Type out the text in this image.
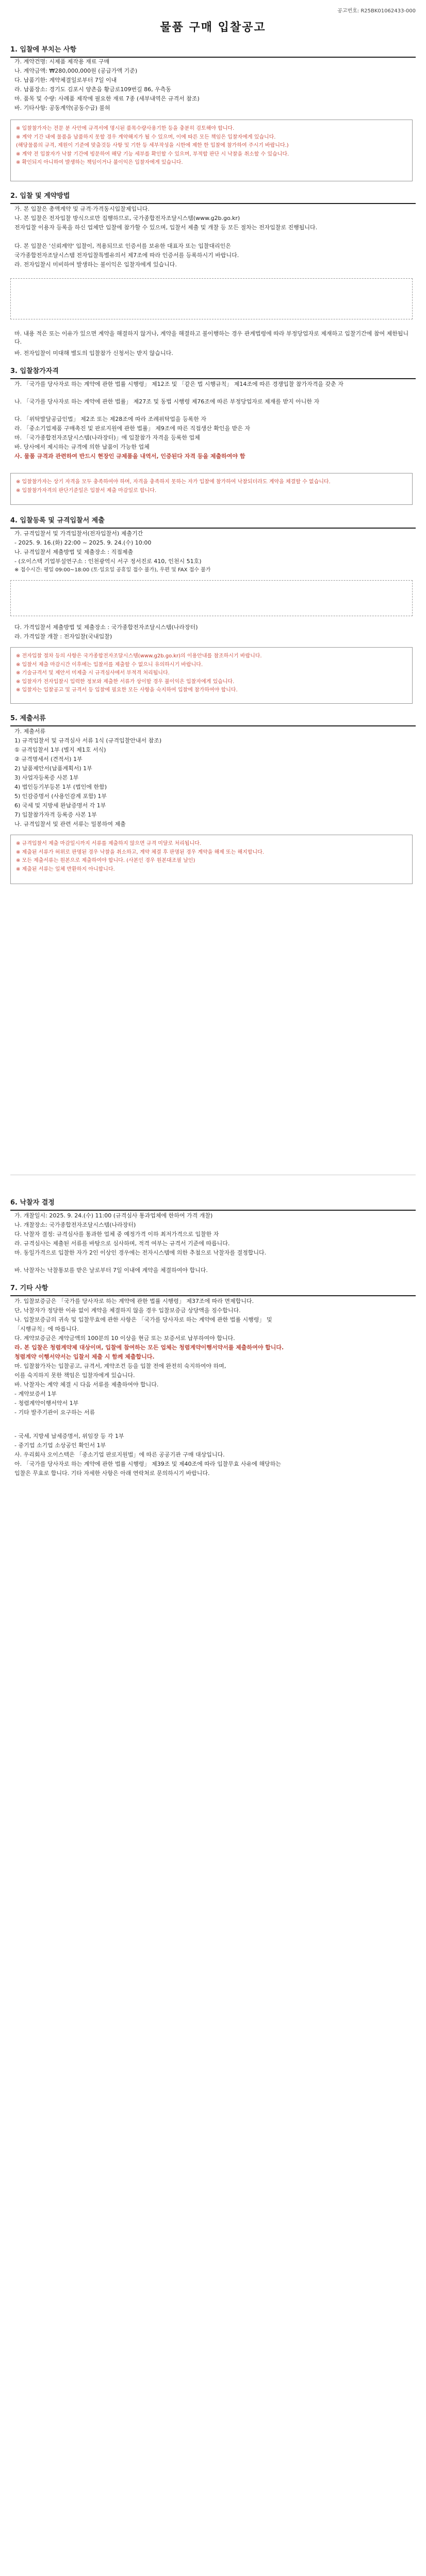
공고번호: R25BK01062433-000
물품 구매 입찰공고
1. 입찰에 부치는 사항
가. 계약건명: 시제품 제작용 재료 구매
나. 계약금액: ₩280,000,000원 (공급가액 기준)
다. 납품기한: 계약체결일로부터 7일 이내
라. 납품장소: 경기도 김포시 양촌읍 황금로109번길 86, 우측동
마. 품목 및 수량: 사례품 제작에 필요한 재료 7종 (세부내역은 규격서 참조)
바. 기타사항: 공동계약(공동수급) 불허
※ 입찰참가자는 전문 분 사안에 규격서에 명시된 품목수량사용기한 등을 충분히 검토해야 합니다.
※ 계약 기간 내에 물품을 납품하지 못할 경우 계약해지가 될 수 있으며, 이에 따른 모든 책임은 입찰자에게 있습니다.
(해당물품의 규격, 제원이 기준에 맞출것등 사항 및 기한 등 세부작성을 시한에 제한 한 입찰에 참가하여 주시기 바랍니다.)
※ 계약 전 입찰자가 낙찰 기간에 빙문하여 해당 기능 세부를 확인할 수 있으며, 부적합 판단 시 낙찰을 취소할 수 있습니다.
※ 확인되지 아니하여 발생하는 책임이거나 불이익은 입찰자에게 있습니다.
2. 입찰 및 계약방법
가. 본 입찰은 총액계약 및 규격·가격동시입찰제입니다.
나. 본 입찰은 전자입찰 방식으로만 집행하므로, 국가종합전자조달시스템(www.g2b.go.kr)
전자입찰 이용자 등록을 하신 업체만 입찰에 참가할 수 있으며, 입찰서 제출 및 개찰 등 모든 절차는 전자입찰로 진행됩니다.
다. 본 입찰은 '신뢰계약' 입찰이, 적용되므로 인증서를 보유한 대표자 또는 입찰대리인은
국가종합전자조달시스템 전자입찰특별유의서 제7조에 따라 인증서를 등록하시기 바랍니다.
라. 전자입찰시 미비하여 발생하는 불이익은 입찰자에게 있습니다.
마. 내용 적은 또는 이유가 있으면 계약을 해결하지 않거나, 계약을 해결하고 불이행하는 경우 관계법령에 따라 부정당업자로 제재하고 입찰기간에 참여 제한됩니다.
바. 전자입찰이 미대해 별도의 입찰참가 신청서는 받지 않습니다.
3. 입찰참가자격
가. 「국가를 당사자로 하는 계약에 관한 법률 시행령」 제12조 및 「같은 법 시행규칙」 제14조에 따른 경쟁입찰 참가자격을 갖춘 자
나. 「국가를 당사자로 하는 계약에 관한 법률」 제27조 및 동법 시행령 제76조에 따른 부정당업자로 제재를 받지 아니한 자
다. 「위탁발달공급인법」 제2조 또는 제28조에 따라 조례위탁업을 등록한 자
라. 「중소기업제품 구매촉진 및 판로지원에 관한 법률」 제9조에 따른 직접생산 확인을 받은 자
마. 「국가종합전자조달시스템(나라장터)」에 입찰참가 자격을 등록한 업체
바. 당사에서 제시하는 규격에 의한 납품이 가능한 업체
사. 물품 규격과 관련하여 반드시 현장인 규제품을 내역서, 인증된다 자격 등을 제출하여야 함
※ 입찰참가자는 상기 자격을 모두 충족하여야 하며, 자격을 충족하지 못하는 자가 입찰에 참가하여 낙찰되더라도 계약을 체결할 수 없습니다.
※ 입찰참가자격의 판단기준일은 입찰서 제출 마감일로 합니다.
4. 입찰등록 및 규격입찰서 제출
가. 규격입찰서 및 가격입찰서(전자입찰서) 제출기간
- 2025. 9. 16.(화) 22:00 ~ 2025. 9. 24.(수) 10:00
나. 규격입찰서 제출방법 및 제출장소 : 직접제출
- (오이스텍 기업부설연구소 : 인천광역시 서구 정서진로 410, 인천시 51호)
※ 접수시간: 평일 09:00~18:00 (토·일요일 공휴일 접수 불가), 우편 및 FAX 접수 불가
다. 가격입찰서 제출방법 및 제출장소 : 국가종합전자조달시스템(나라장터)
라. 가격입찰 개찰 : 전자입찰(국내입찰)
※ 전자입찰 절차 등의 사항은 국가종합전자조달시스템(www.g2b.go.kr)의 이용안내를 참조하시기 바랍니다.
※ 입찰서 제출 마감시간 이후에는 입찰서를 제출할 수 없으니 유의하시기 바랍니다.
※ 기술규격서 및 제안서 미제출 시 규격심사에서 부적격 처리됩니다.
※ 입찰자가 전자입찰시 입력한 정보와 제출한 서류가 상이할 경우 불이익은 입찰자에게 있습니다.
※ 입찰자는 입찰공고 및 규격서 등 입찰에 필요한 모든 사항을 숙지하여 입찰에 참가하여야 합니다.
5. 제출서류
가. 제출서류
1) 규격입찰서 및 규격심사 서류 1식 (규격입찰안내서 참조)
① 규격입찰서 1부 (별지 제1호 서식)
② 규격명세서 (견적서) 1부
2) 납품제안서(납품계획서) 1부
3) 사업자등록증 사본 1부
4) 법인등기부등본 1부 (법인에 한함)
5) 인감증명서 (사용인감계 포함) 1부
6) 국세 및 지방세 완납증명서 각 1부
7) 입찰참가자격 등록증 사본 1부
나. 규격입찰서 및 관련 서류는 밀봉하여 제출
※ 규격입찰서 제출 마감일시까지 서류를 제출하지 않으면 규격 미달로 처리됩니다.
※ 제출된 서류가 허위로 판명된 경우 낙찰을 취소하고, 계약 체결 후 판명된 경우 계약을 해제 또는 해지합니다.
※ 모든 제출서류는 원본으로 제출하여야 합니다. (사본인 경우 원본대조필 날인)
※ 제출된 서류는 일체 반환하지 아니합니다.
6. 낙찰자 결정
가. 개찰일시: 2025. 9. 24.(수) 11:00 (규격심사 통과업체에 한하여 가격 개찰)
나. 개찰장소: 국가종합전자조달시스템(나라장터)
다. 낙찰자 결정: 규격심사를 통과한 업체 중 예정가격 이하 최저가격으로 입찰한 자
라. 규격심사는 제출된 서류를 바탕으로 심사하며, 적격 여부는 규격서 기준에 따릅니다.
마. 동일가격으로 입찰한 자가 2인 이상인 경우에는 전자시스템에 의한 추첨으로 낙찰자를 결정합니다.
바. 낙찰자는 낙찰통보를 받은 날로부터 7일 이내에 계약을 체결하여야 합니다.
7. 기타 사항
가. 입찰보증금은 「국가를 당사자로 하는 계약에 관한 법률 시행령」 제37조에 따라 면제합니다.
단, 낙찰자가 정당한 이유 없이 계약을 체결하지 않을 경우 입찰보증금 상당액을 징수합니다.
나. 입찰보증금의 귀속 및 입찰무효에 관한 사항은 「국가를 당사자로 하는 계약에 관한 법률 시행령」 및
「시행규칙」에 따릅니다.
다. 계약보증금은 계약금액의 100분의 10 이상을 현금 또는 보증서로 납부하여야 합니다.
라. 본 입찰은 청렴계약제 대상이며, 입찰에 참여하는 모든 업체는 청렴계약이행서약서를 제출하여야 합니다.
청렴계약 이행서약서는 입찰서 제출 시 함께 제출합니다.
마. 입찰참가자는 입찰공고, 규격서, 계약조건 등을 입찰 전에 완전히 숙지하여야 하며,
이를 숙지하지 못한 책임은 입찰자에게 있습니다.
바. 낙찰자는 계약 체결 시 다음 서류를 제출하여야 합니다.
- 계약보증서 1부
- 청렴계약이행서약서 1부
- 기타 발주기관이 요구하는 서류
- 국세, 지방세 납세증명서, 위임장 등 각 1부
- 중기업 소기업 소상공인 확인서 1부
사. 우리회사 오이스텍은 「중소기업 판로지원법」에 따른 공공기관 구매 대상입니다.
아. 「국가를 당사자로 하는 계약에 관한 법률 시행령」 제39조 및 제40조에 따라 입찰무효 사유에 해당하는
입찰은 무효로 합니다. 기타 자세한 사항은 아래 연락처로 문의하시기 바랍니다.
